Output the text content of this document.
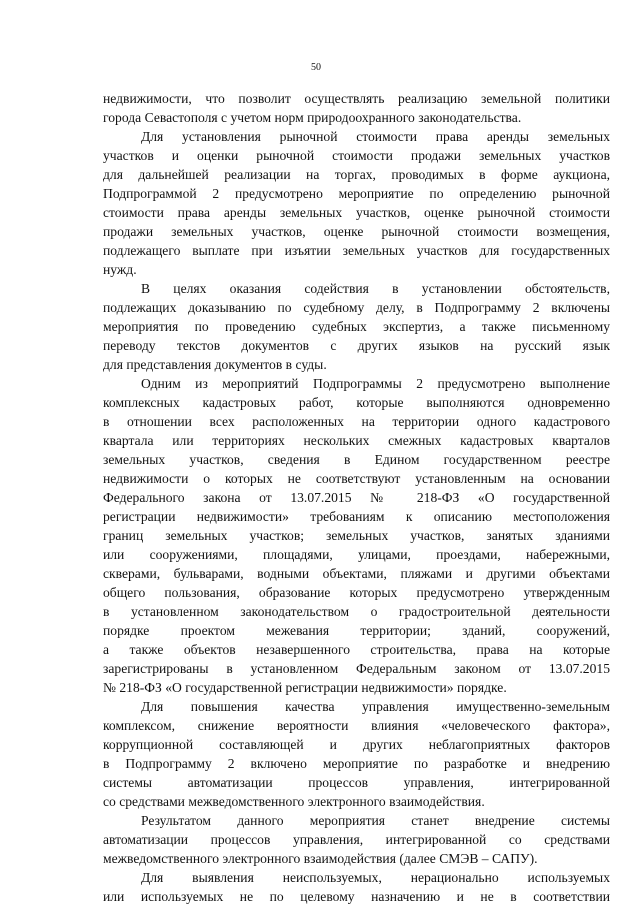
50
недвижимости, что позволит осуществлять реализацию земельной политики
города Севастополя с учетом норм природоохранного законодательства.
Для установления рыночной стоимости права аренды земельных
участков и оценки рыночной стоимости продажи земельных участков
для дальнейшей реализации на торгах, проводимых в форме аукциона,
Подпрограммой 2 предусмотрено мероприятие по определению рыночной
стоимости права аренды земельных участков, оценке рыночной стоимости
продажи земельных участков, оценке рыночной стоимости возмещения,
подлежащего выплате при изъятии земельных участков для государственных
нужд.
В целях оказания содействия в установлении обстоятельств,
подлежащих доказыванию по судебному делу, в Подпрограмму 2 включены
мероприятия по проведению судебных экспертиз, а также письменному
переводу текстов документов с других языков на русский язык
для представления документов в суды.
Одним из мероприятий Подпрограммы 2 предусмотрено выполнение
комплексных кадастровых работ, которые выполняются одновременно
в отношении всех расположенных на территории одного кадастрового
квартала или территориях нескольких смежных кадастровых кварталов
земельных участков, сведения в Едином государственном реестре
недвижимости о которых не соответствуют установленным на основании
Федерального закона от 13.07.2015 № 218-ФЗ «О государственной
регистрации недвижимости» требованиям к описанию местоположения
границ земельных участков; земельных участков, занятых зданиями
или сооружениями, площадями, улицами, проездами, набережными,
скверами, бульварами, водными объектами, пляжами и другими объектами
общего пользования, образование которых предусмотрено утвержденным
в установленном законодательством о градостроительной деятельности
порядке проектом межевания территории; зданий, сооружений,
а также объектов незавершенного строительства, права на которые
зарегистрированы в установленном Федеральным законом от 13.07.2015
№ 218-ФЗ «О государственной регистрации недвижимости» порядке.
Для повышения качества управления имущественно-земельным
комплексом, снижение вероятности влияния «человеческого фактора»,
коррупционной составляющей и других неблагоприятных факторов
в Подпрограмму 2 включено мероприятие по разработке и внедрению
системы автоматизации процессов управления, интегрированной
со средствами межведомственного электронного взаимодействия.
Результатом данного мероприятия станет внедрение системы
автоматизации процессов управления, интегрированной со средствами
межведомственного электронного взаимодействия (далее СМЭВ – САПУ).
Для выявления неиспользуемых, нерационально используемых
или используемых не по целевому назначению и не в соответствии
